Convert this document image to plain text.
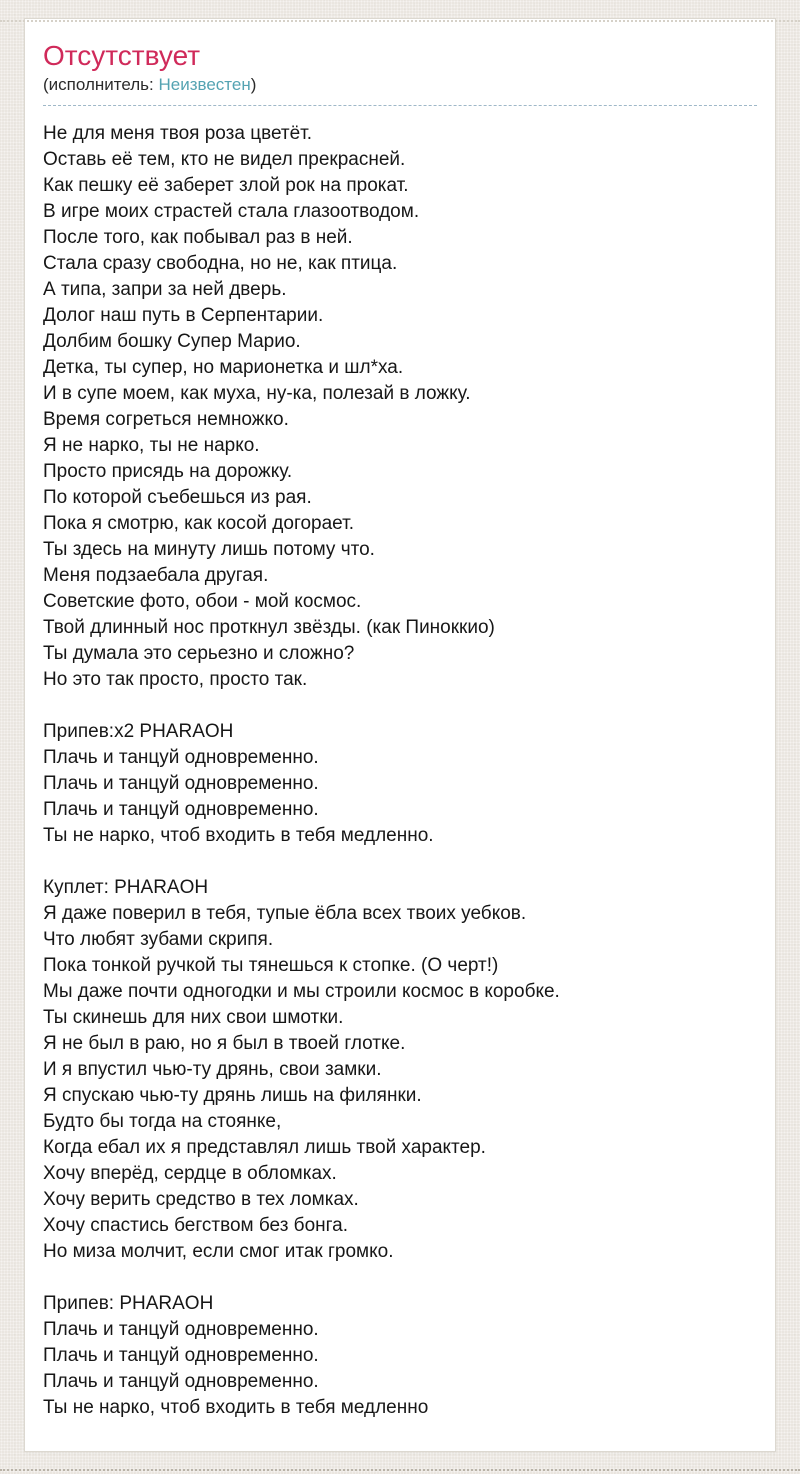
Отсутствует
(исполнитель: Неизвестен)
Не для меня твоя роза цветёт.
Оставь её тем, кто не видел прекрасней.
Как пешку её заберет злой рок на прокат.
В игре моих страстей стала глазоотводом.
После того, как побывал раз в ней.
Стала сразу свободна, но не, как птица.
А типа, запри за ней дверь.
Долог наш путь в Серпентарии.
Долбим бошку Супер Марио.
Детка, ты супер, но марионетка и шл*ха.
И в супе моем, как муха, ну-ка, полезай в ложку.
Время согреться немножко.
Я не нарко, ты не нарко.
Просто присядь на дорожку.
По которой съебешься из рая.
Пока я смотрю, как косой догорает.
Ты здесь на минуту лишь потому что.
Меня подзаебала другая.
Советские фото, обои - мой космос.
Твой длинный нос проткнул звёзды. (как Пиноккио)
Ты думала это серьезно и сложно?
Но это так просто, просто так.
Припев:x2 PHARAOH
Плачь и танцуй одновременно.
Плачь и танцуй одновременно.
Плачь и танцуй одновременно.
Ты не нарко, чтоб входить в тебя медленно.
Куплет: PHARAOH
Я даже поверил в тебя, тупые ёбла всех твоих уебков.
Что любят зубами скрипя.
Пока тонкой ручкой ты тянешься к стопке. (О черт!)
Мы даже почти одногодки и мы строили космос в коробке.
Ты скинешь для них свои шмотки.
Я не был в раю, но я был в твоей глотке.
И я впустил чью-ту дрянь, свои замки.
Я спускаю чью-ту дрянь лишь на филянки.
Будто бы тогда на стоянке,
Когда ебал их я представлял лишь твой характер.
Хочу вперёд, сердце в обломках.
Хочу верить средство в тех ломках.
Хочу спастись бегством без бонга.
Но миза молчит, если смог итак громко.
Припев: PHARAOH
Плачь и танцуй одновременно.
Плачь и танцуй одновременно.
Плачь и танцуй одновременно.
Ты не нарко, чтоб входить в тебя медленно
